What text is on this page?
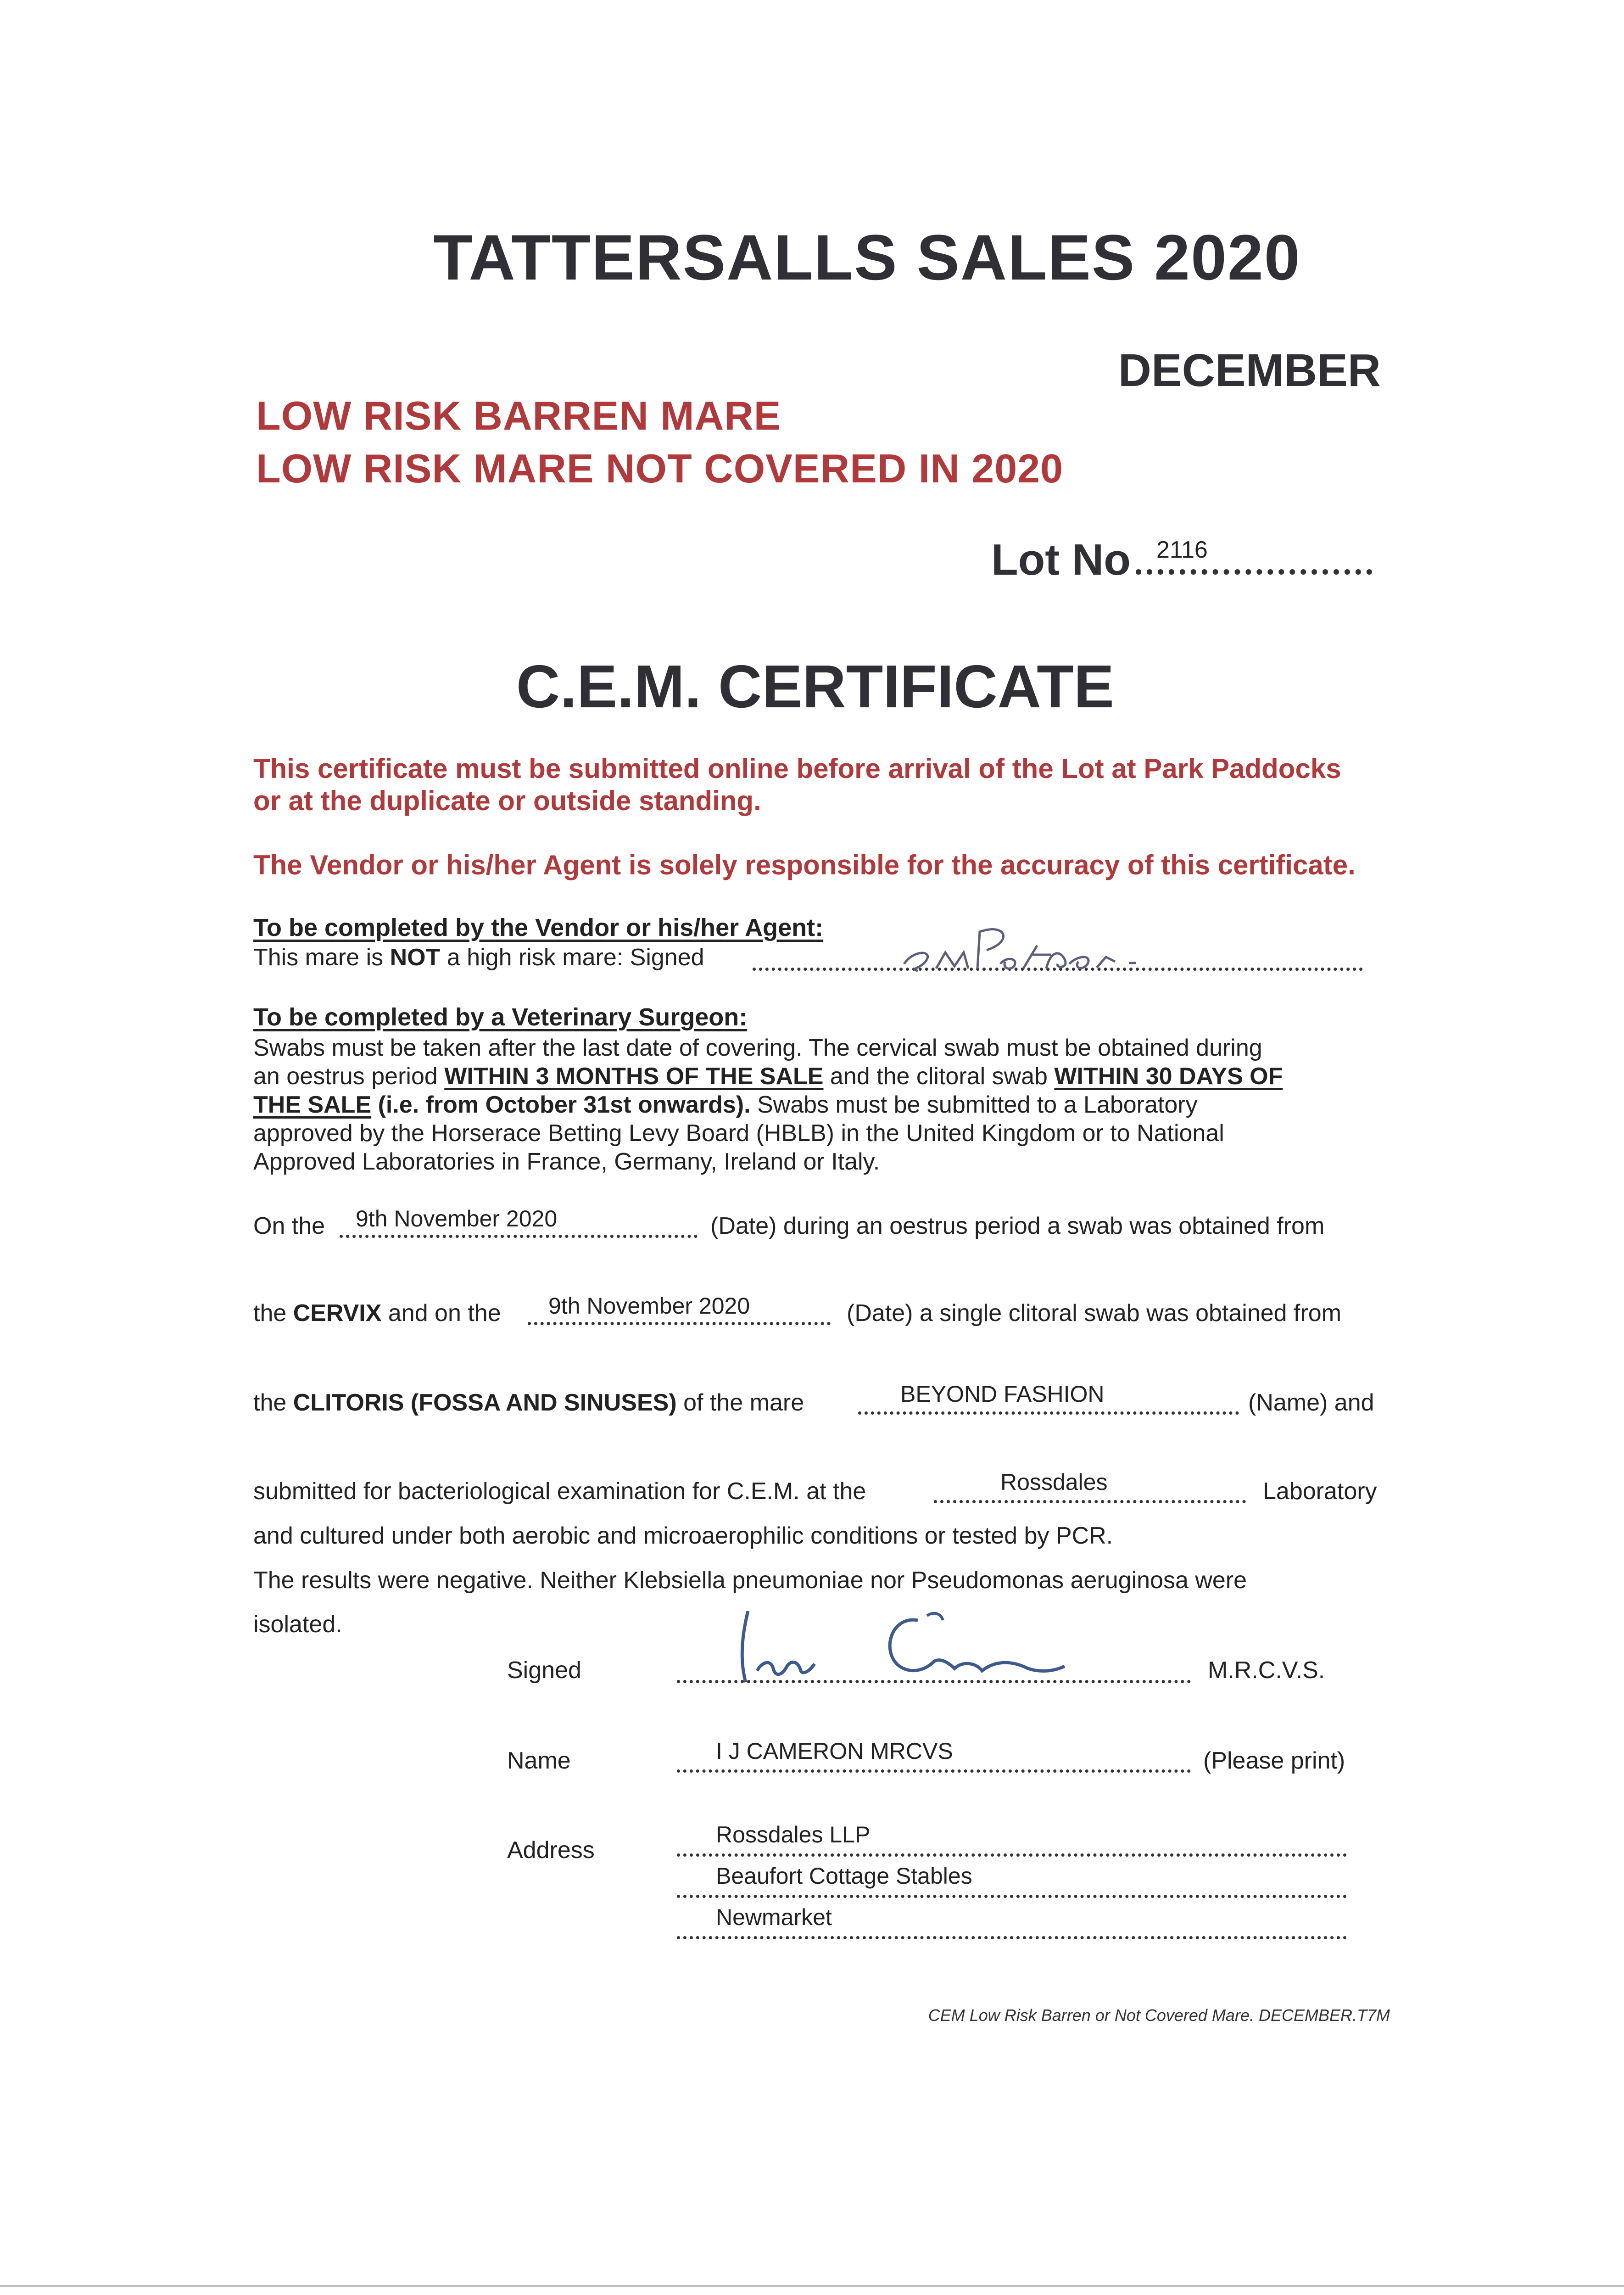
TATTERSALLS SALES 2020
DECEMBER
LOW RISK BARREN MARE
LOW RISK MARE NOT COVERED IN 2020
Lot No 2116
C.E.M. CERTIFICATE
This certificate must be submitted online before arrival of the Lot at Park Paddocks
or at the duplicate or outside standing.
The Vendor or his/her Agent is solely responsible for the accuracy of this certificate.
To be completed by the Vendor or his/her Agent:
This mare is NOT a high risk mare: Signed
To be completed by a Veterinary Surgeon:
Swabs must be taken after the last date of covering. The cervical swab must be obtained during
an oestrus period WITHIN 3 MONTHS OF THE SALE and the clitoral swab WITHIN 30 DAYS OF
THE SALE (i.e. from October 31st onwards). Swabs must be submitted to a Laboratory
approved by the Horserace Betting Levy Board (HBLB) in the United Kingdom or to National
Approved Laboratories in France, Germany, Ireland or Italy.
On the 9th November 2020	(Date) during an oestrus period a swab was obtained from
the CERVIX and on the 9th November 2020	(Date) a single clitoral swab was obtained from
the CLITORIS (FOSSA AND SINUSES) of the mare	BEYOND FASHION	(Name) and
submitted for bacteriological examination for C.E.M. at the	Rossdales	Laboratory
and cultured under both aerobic and microaerophilic conditions or tested by PCR.
The results were negative. Neither Klebsiella pneumoniae nor Pseudomonas aeruginosa were
isolated.
Signed	M.R.C.V.S.
Name	I J CAMERON MRCVS	(Please print)
Address
Rossdales LLP
Beaufort Cottage Stables
Newmarket
CEM Low Risk Barren or Not Covered Mare. DECEMBER.T7M
